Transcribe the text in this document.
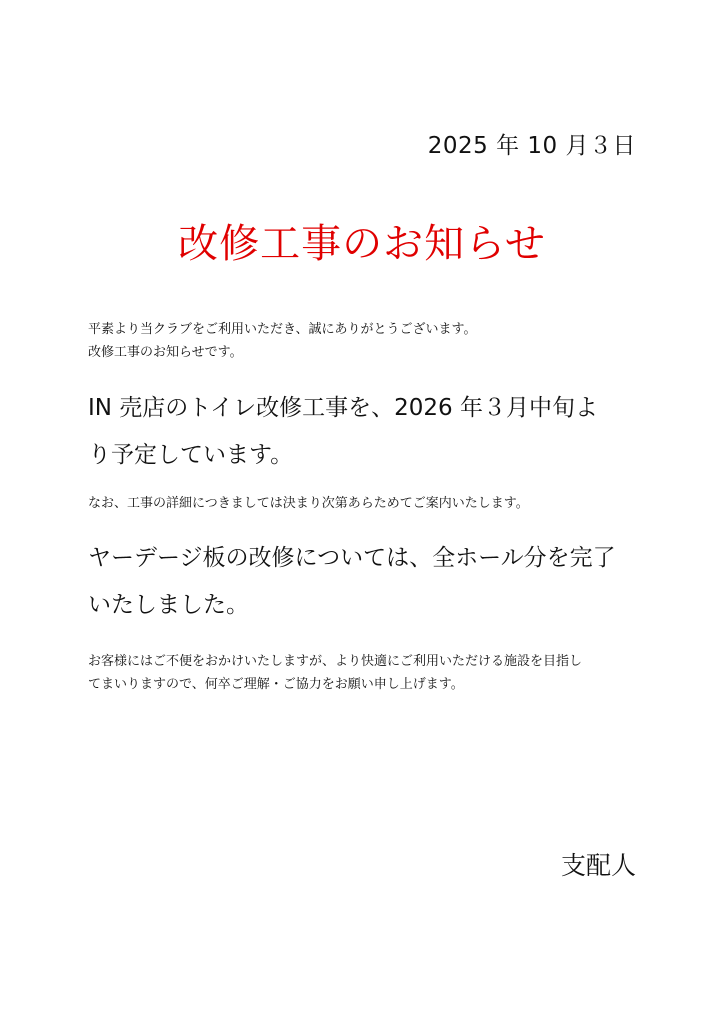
2025 年 10 月３日
改修工事のお知らせ
平素より当クラブをご利用いただき、誠にありがとうございます。
改修工事のお知らせです。
IN 売店のトイレ改修工事を、2026 年３月中旬よ
り予定しています。
なお、工事の詳細につきましては決まり次第あらためてご案内いたします。
ヤーデージ板の改修については、全ホール分を完了
いたしました。
お客様にはご不便をおかけいたしますが、より快適にご利用いただける施設を目指し
てまいりますので、何卒ご理解・ご協力をお願い申し上げます。
支配人
